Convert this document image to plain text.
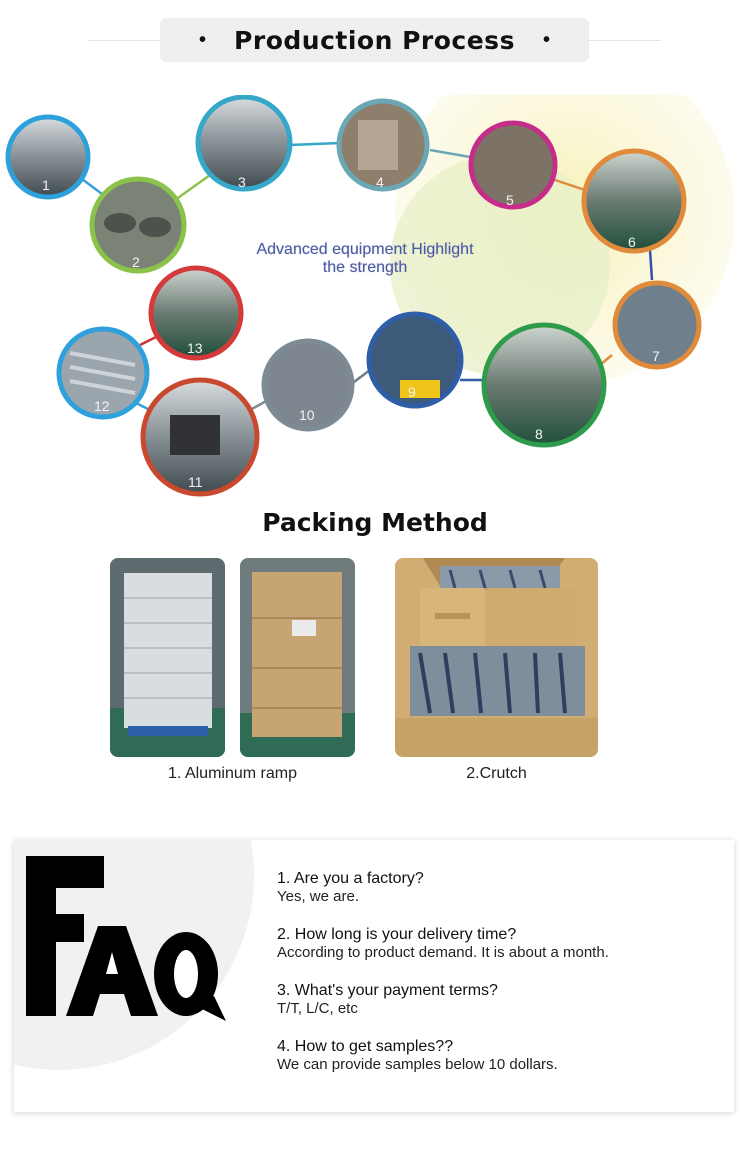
• Production Process •
1
2
3	4
5
6
7
8
9
10
11
12
13
Advanced equipment Highlight
the strength
Packing Method
1. Aluminum ramp	2.Crutch
1. Are you a factory?
Yes, we are.
2. How long is your delivery time?
According to product demand. It is about a month.
3. What's your payment terms?
T/T, L/C, etc
4. How to get samples??
We can provide samples below 10 dollars.
